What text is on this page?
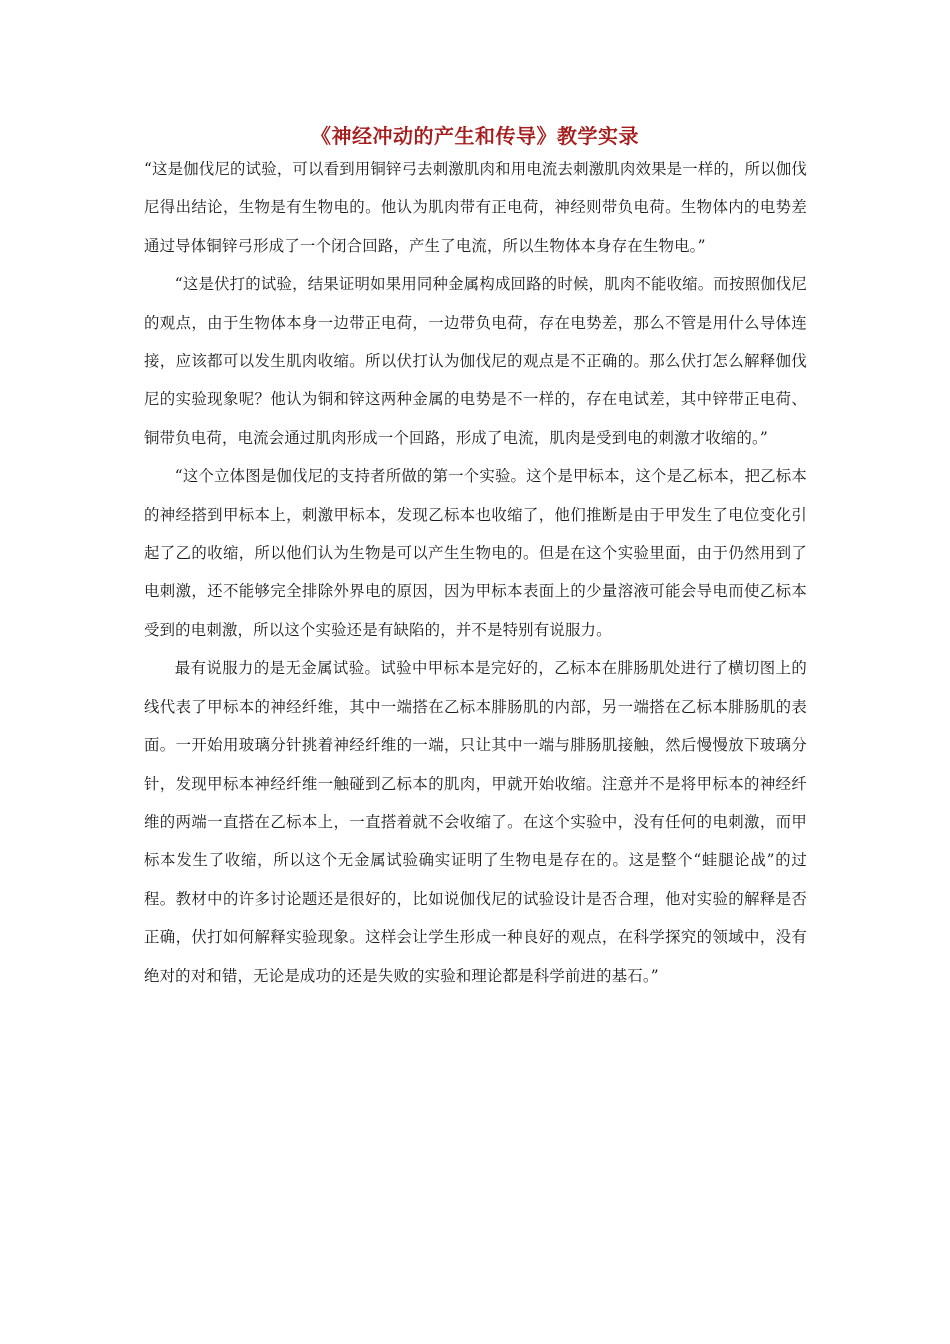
《神经冲动的产生和传导》教学实录

“这是伽伐尼的试验，可以看到用铜锌弓去刺激肌肉和用电流去刺激肌肉效果是一样的，所以伽伐尼得出结论，生物是有生物电的。他认为肌肉带有正电荷，神经则带负电荷。生物体内的电势差通过导体铜锌弓形成了一个闭合回路，产生了电流，所以生物体本身存在生物电。”

“这是伏打的试验，结果证明如果用同种金属构成回路的时候，肌肉不能收缩。而按照伽伐尼的观点，由于生物体本身一边带正电荷，一边带负电荷，存在电势差，那么不管是用什么导体连接，应该都可以发生肌肉收缩。所以伏打认为伽伐尼的观点是不正确的。那么伏打怎么解释伽伐尼的实验现象呢？他认为铜和锌这两种金属的电势是不一样的，存在电试差，其中锌带正电荷、铜带负电荷，电流会通过肌肉形成一个回路，形成了电流，肌肉是受到电的刺激才收缩的。”

“这个立体图是伽伐尼的支持者所做的第一个实验。这个是甲标本，这个是乙标本，把乙标本的神经搭到甲标本上，刺激甲标本，发现乙标本也收缩了，他们推断是由于甲发生了电位变化引起了乙的收缩，所以他们认为生物是可以产生生物电的。但是在这个实验里面，由于仍然用到了电刺激，还不能够完全排除外界电的原因，因为甲标本表面上的少量溶液可能会导电而使乙标本受到的电刺激，所以这个实验还是有缺陷的，并不是特别有说服力。

最有说服力的是无金属试验。试验中甲标本是完好的，乙标本在腓肠肌处进行了横切图上的线代表了甲标本的神经纤维，其中一端搭在乙标本腓肠肌的内部，另一端搭在乙标本腓肠肌的表面。一开始用玻璃分针挑着神经纤维的一端，只让其中一端与腓肠肌接触，然后慢慢放下玻璃分针，发现甲标本神经纤维一触碰到乙标本的肌肉，甲就开始收缩。注意并不是将甲标本的神经纤维的两端一直搭在乙标本上，一直搭着就不会收缩了。在这个实验中，没有任何的电刺激，而甲标本发生了收缩，所以这个无金属试验确实证明了生物电是存在的。这是整个“蛙腿论战”的过程。教材中的许多讨论题还是很好的，比如说伽伐尼的试验设计是否合理，他对实验的解释是否正确，伏打如何解释实验现象。这样会让学生形成一种良好的观点，在科学探究的领域中，没有绝对的对和错，无论是成功的还是失败的实验和理论都是科学前进的基石。”
